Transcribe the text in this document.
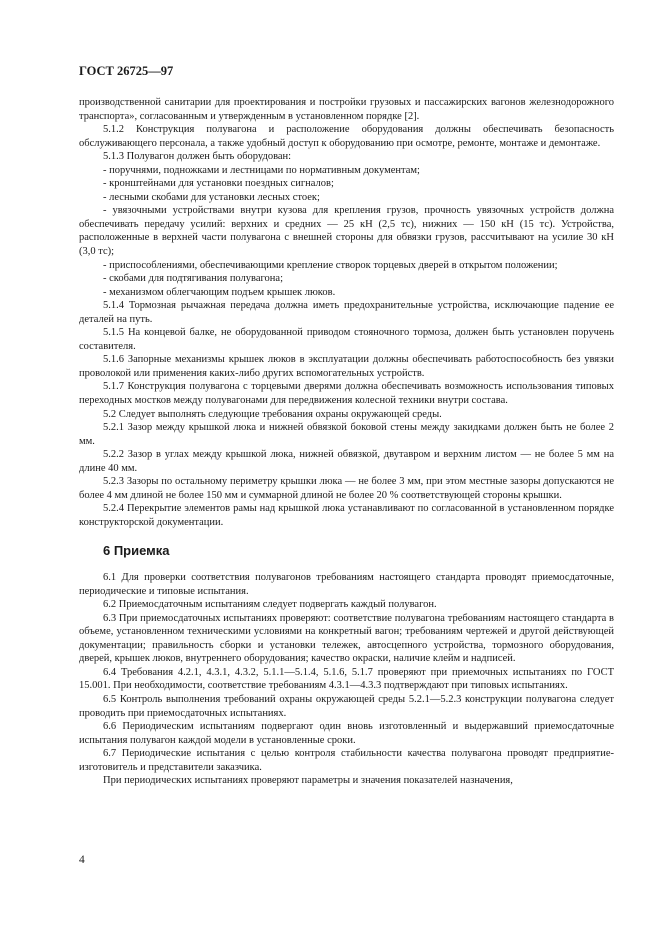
ГОСТ 26725—97

производственной санитарии для проектирования и постройки грузовых и пассажирских вагонов железнодорожного транспорта», согласованным и утвержденным в установленном порядке [2].

5.1.2 Конструкция полувагона и расположение оборудования должны обеспечивать безопасность обслуживающего персонала, а также удобный доступ к оборудованию при осмотре, ремонте, монтаже и демонтаже.

5.1.3 Полувагон должен быть оборудован:

- поручнями, подножками и лестницами по нормативным документам;

- кронштейнами для установки поездных сигналов;

- лесными скобами для установки лесных стоек;

- увязочными устройствами внутри кузова для крепления грузов, прочность увязочных устройств должна обеспечивать передачу усилий: верхних и средних — 25 кН (2,5 тс), нижних — 150 кН (15 тс). Устройства, расположенные в верхней части полувагона с внешней стороны для обвязки грузов, рассчитывают на усилие 30 кН (3,0 тс);

- приспособлениями, обеспечивающими крепление створок торцевых дверей в открытом положении;

- скобами для подтягивания полувагона;

- механизмом облегчающим подъем крышек люков.

5.1.4 Тормозная рычажная передача должна иметь предохранительные устройства, исключающие падение ее деталей на путь.

5.1.5 На концевой балке, не оборудованной приводом стояночного тормоза, должен быть установлен поручень составителя.

5.1.6 Запорные механизмы крышек люков в эксплуатации должны обеспечивать работоспособность без увязки проволокой или применения каких-либо других вспомогательных устройств.

5.1.7 Конструкция полувагона с торцевыми дверями должна обеспечивать возможность использования типовых переходных мостков между полувагонами для передвижения колесной техники внутри состава.

5.2 Следует выполнять следующие требования охраны окружающей среды.

5.2.1 Зазор между крышкой люка и нижней обвязкой боковой стены между закидками должен быть не более 2 мм.

5.2.2 Зазор в углах между крышкой люка, нижней обвязкой, двутавром и верхним листом — не более 5 мм на длине 40 мм.

5.2.3 Зазоры по остальному периметру крышки люка — не более 3 мм, при этом местные зазоры допускаются не более 4 мм длиной не более 150 мм и суммарной длиной не более 20 % соответствующей стороны крышки.

5.2.4 Перекрытие элементов рамы над крышкой люка устанавливают по согласованной в установленном порядке конструкторской документации.

6 Приемка

6.1 Для проверки соответствия полувагонов требованиям настоящего стандарта проводят приемосдаточные, периодические и типовые испытания.

6.2 Приемосдаточным испытаниям следует подвергать каждый полувагон.

6.3 При приемосдаточных испытаниях проверяют: соответствие полувагона требованиям настоящего стандарта в объеме, установленном техническими условиями на конкретный вагон; требованиям чертежей и другой действующей документации; правильность сборки и установки тележек, автосцепного устройства, тормозного оборудования, дверей, крышек люков, внутреннего оборудования; качество окраски, наличие клейм и надписей.

6.4 Требования 4.2.1, 4.3.1, 4.3.2, 5.1.1—5.1.4, 5.1.6, 5.1.7 проверяют при приемочных испытаниях по ГОСТ 15.001. При необходимости, соответствие требованиям 4.3.1—4.3.3 подтверждают при типовых испытаниях.

6.5 Контроль выполнения требований охраны окружающей среды 5.2.1—5.2.3 конструкции полувагона следует проводить при приемосдаточных испытаниях.

6.6 Периодическим испытаниям подвергают один вновь изготовленный и выдержавший приемосдаточные испытания полувагон каждой модели в установленные сроки.

6.7 Периодические испытания с целью контроля стабильности качества полувагона проводят предприятие-изготовитель и представители заказчика.

При периодических испытаниях проверяют параметры и значения показателей назначения,

4
